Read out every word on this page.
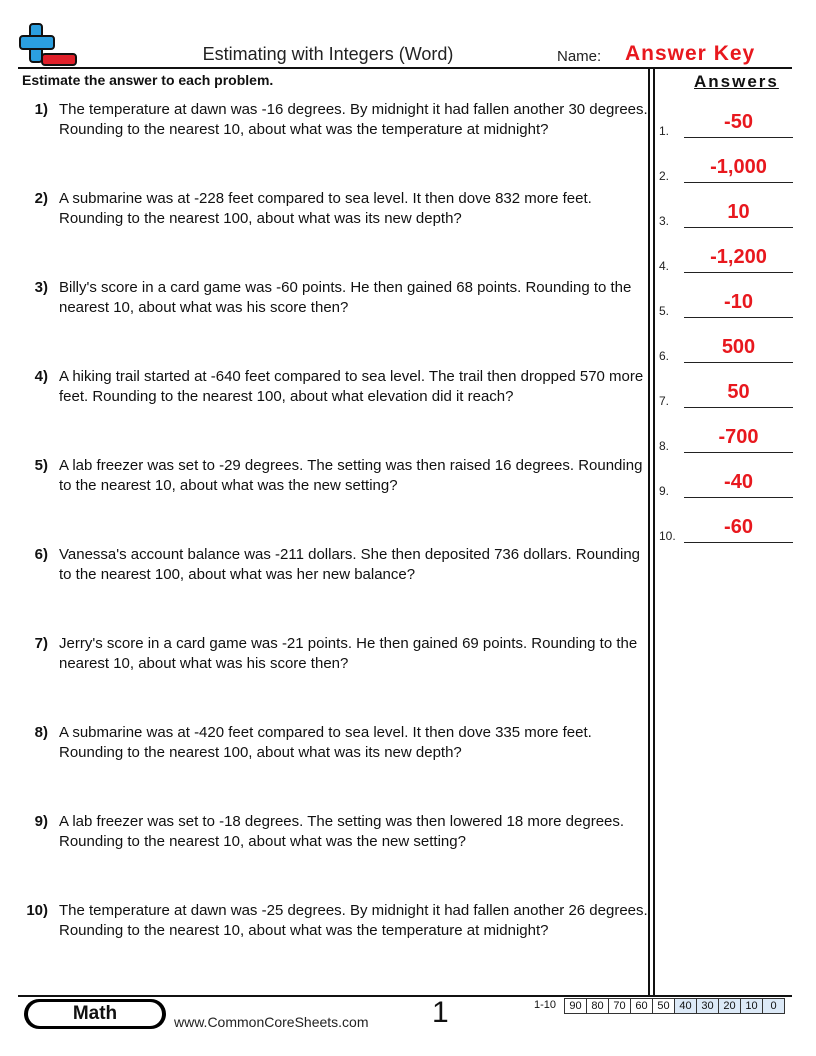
Estimating with Integers (Word)	Name: Answer Key
Estimate the answer to each problem.	Answers
1) The temperature at dawn was -16 degrees. By midnight it had fallen another 30 degrees. Rounding to the nearest 10, about what was the temperature at midnight?
2) A submarine was at -228 feet compared to sea level. It then dove 832 more feet. Rounding to the nearest 100, about what was its new depth?
3) Billy's score in a card game was -60 points. He then gained 68 points. Rounding to the nearest 10, about what was his score then?
4) A hiking trail started at -640 feet compared to sea level. The trail then dropped 570 more feet. Rounding to the nearest 100, about what elevation did it reach?
5) A lab freezer was set to -29 degrees. The setting was then raised 16 degrees. Rounding to the nearest 10, about what was the new setting?
6) Vanessa's account balance was -211 dollars. She then deposited 736 dollars. Rounding to the nearest 100, about what was her new balance?
7) Jerry's score in a card game was -21 points. He then gained 69 points. Rounding to the nearest 10, about what was his score then?
8) A submarine was at -420 feet compared to sea level. It then dove 335 more feet. Rounding to the nearest 100, about what was its new depth?
9) A lab freezer was set to -18 degrees. The setting was then lowered 18 more degrees. Rounding to the nearest 10, about what was the new setting?
10) The temperature at dawn was -25 degrees. By midnight it had fallen another 26 degrees. Rounding to the nearest 10, about what was the temperature at midnight?
1.	-50
2.	-1,000
3.	10
4.	-1,200
5.	-10
6.	500
7.	50
8.	-700
9.	-40
10.	-60
Math	www.CommonCoreSheets.com 1	1-10 90	80	70	60	50	40	30	20	10	0
